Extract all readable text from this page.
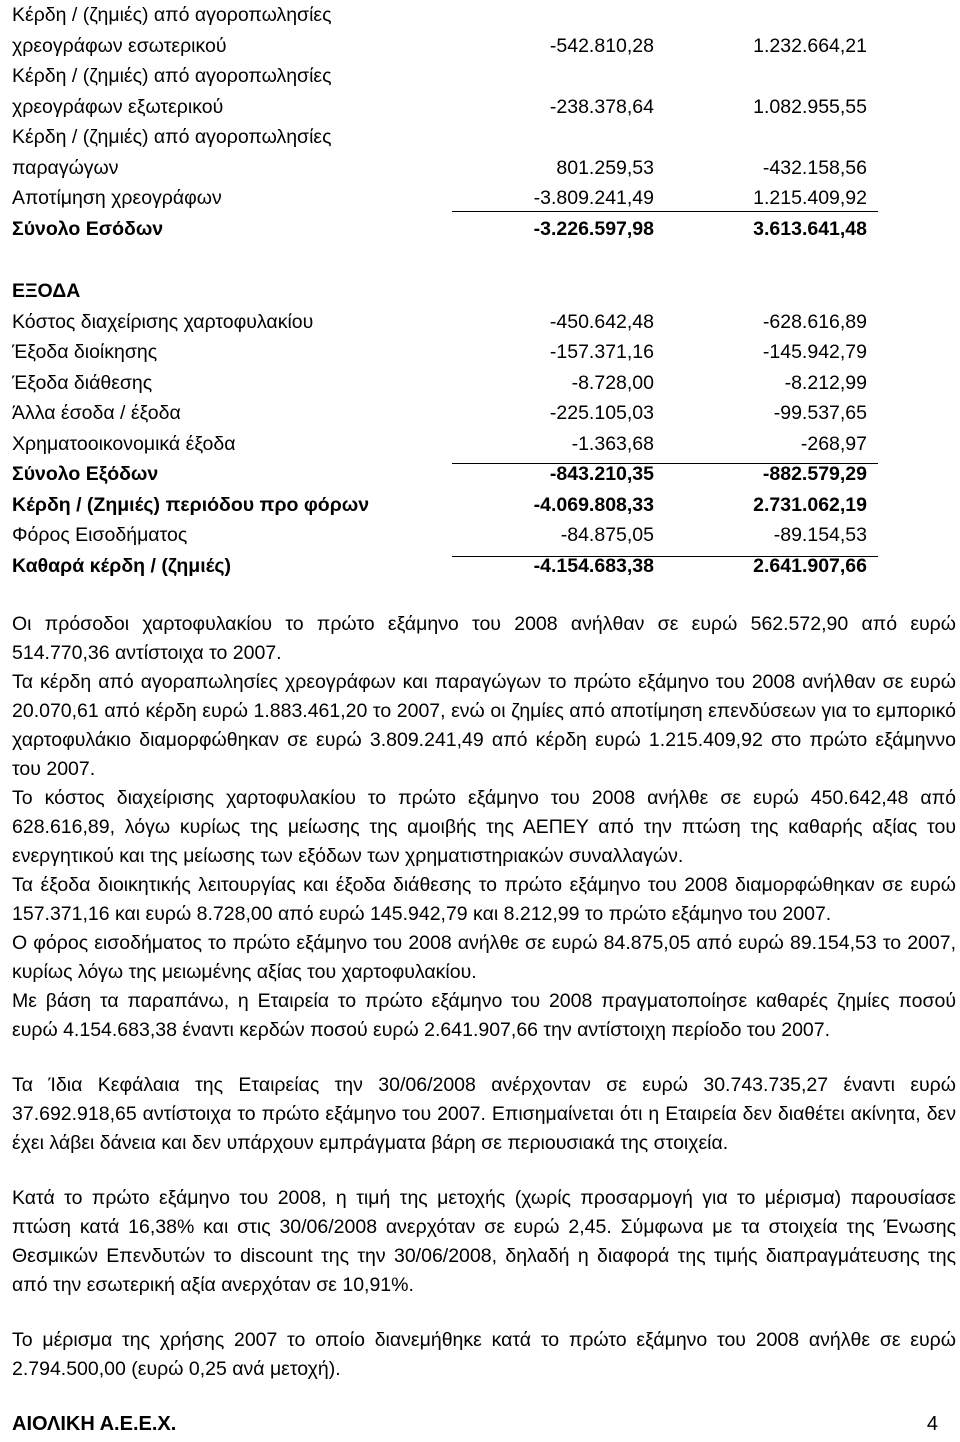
Κέρδη / (ζημιές) από αγοροπωλησίες
χρεογράφων εσωτερικού	-542.810,28	1.232.664,21
Κέρδη / (ζημιές) από αγοροπωλησίες
χρεογράφων εξωτερικού	-238.378,64	1.082.955,55
Κέρδη / (ζημιές) από αγοροπωλησίες
παραγώγων	801.259,53	-432.158,56
Αποτίμηση χρεογράφων	-3.809.241,49	1.215.409,92
Σύνολο Εσόδων	-3.226.597,98	3.613.641,48
ΕΞΟΔΑ
Κόστος διαχείρισης χαρτοφυλακίου	-450.642,48	-628.616,89
Έξοδα διοίκησης	-157.371,16	-145.942,79
Έξοδα διάθεσης	-8.728,00	-8.212,99
Άλλα έσοδα / έξοδα	-225.105,03	-99.537,65
Χρηματοοικονομικά έξοδα	-1.363,68	-268,97
Σύνολο Εξόδων	-843.210,35	-882.579,29
Κέρδη / (Ζημιές) περιόδου προ φόρων	-4.069.808,33	2.731.062,19
Φόρος Εισοδήματος	-84.875,05	-89.154,53
Καθαρά κέρδη / (ζημιές)	-4.154.683,38	2.641.907,66

Οι πρόσοδοι χαρτοφυλακίου το πρώτο εξάμηνο του 2008 ανήλθαν σε ευρώ 562.572,90 από ευρώ 514.770,36 αντίστοιχα το 2007.

Τα κέρδη από αγοραπωλησίες χρεογράφων και παραγώγων το πρώτο εξάμηνο του 2008 ανήλθαν σε ευρώ 20.070,61 από κέρδη ευρώ 1.883.461,20 το 2007, ενώ οι ζημίες από αποτίμηση επενδύσεων για το εμπορικό χαρτοφυλάκιο διαμορφώθηκαν σε ευρώ 3.809.241,49 από κέρδη ευρώ 1.215.409,92 στο πρώτο εξάμηννο του 2007.

Το κόστος διαχείρισης χαρτοφυλακίου το πρώτο εξάμηνο του 2008 ανήλθε σε ευρώ 450.642,48 από 628.616,89, λόγω κυρίως της μείωσης της αμοιβής της ΑΕΠΕΥ από την πτώση της καθαρής αξίας του ενεργητικού και της μείωσης των εξόδων των χρηματιστηριακών συναλλαγών.

Τα έξοδα διοικητικής λειτουργίας και έξοδα διάθεσης το πρώτο εξάμηνο του 2008 διαμορφώθηκαν σε ευρώ 157.371,16 και ευρώ 8.728,00 από ευρώ 145.942,79 και 8.212,99 το πρώτο εξάμηνο του 2007.

Ο φόρος εισοδήματος το πρώτο εξάμηνο του 2008 ανήλθε σε ευρώ 84.875,05 από ευρώ 89.154,53 το 2007, κυρίως λόγω της μειωμένης αξίας του χαρτοφυλακίου.

Με βάση τα παραπάνω, η Εταιρεία το πρώτο εξάμηνο του 2008 πραγματοποίησε καθαρές ζημίες ποσού ευρώ 4.154.683,38 έναντι κερδών ποσού ευρώ 2.641.907,66 την αντίστοιχη περίοδο του 2007.

Τα Ίδια Κεφάλαια της Εταιρείας την 30/06/2008 ανέρχονταν σε ευρώ 30.743.735,27 έναντι ευρώ 37.692.918,65 αντίστοιχα το πρώτο εξάμηνο του 2007. Επισημαίνεται ότι η Εταιρεία δεν διαθέτει ακίνητα, δεν έχει λάβει δάνεια και δεν υπάρχουν εμπράγματα βάρη σε περιουσιακά της στοιχεία.

Κατά το πρώτο εξάμηνο του 2008, η τιμή της μετοχής (χωρίς προσαρμογή για το μέρισμα) παρουσίασε πτώση κατά 16,38% και στις 30/06/2008 ανερχόταν σε ευρώ 2,45. Σύμφωνα με τα στοιχεία της Ένωσης Θεσμικών Επενδυτών το discount της την 30/06/2008, δηλαδή η διαφορά της τιμής διαπραγμάτευσης της από την εσωτερική αξία ανερχόταν σε 10,91%.

Το μέρισμα της χρήσης 2007 το οποίο διανεμήθηκε κατά το πρώτο εξάμηνο του 2008 ανήλθε σε ευρώ 2.794.500,00 (ευρώ 0,25 ανά μετοχή).

ΑΙΟΛΙΚΗ Α.Ε.Ε.Χ.	4
